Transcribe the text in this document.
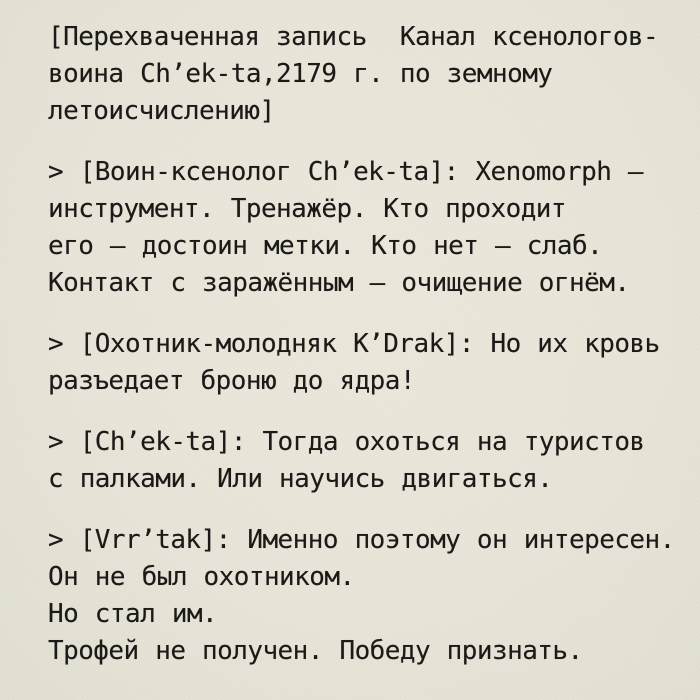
[Перехваченная запись  Канал ксенологов-
воина Ch’ek-ta,2179 г. по земному
летоисчислению]
> [Воин-ксенолог Ch’ek-ta]: Xenomorph —
инструмент. Тренажёр. Кто проходит
его — достоин метки. Кто нет — слаб.
Контакт с заражённым — очищение огнём.
> [Охотник-молодняк K’Drak]: Но их кровь
разъедает броню до ядра!
> [Ch’ek-ta]: Тогда охоться на туристов
с палками. Или научись двигаться.
> [Vrr’tak]: Именно поэтому он интересен.
Он не был охотником.
Но стал им.
Трофей не получен. Победу признать.
